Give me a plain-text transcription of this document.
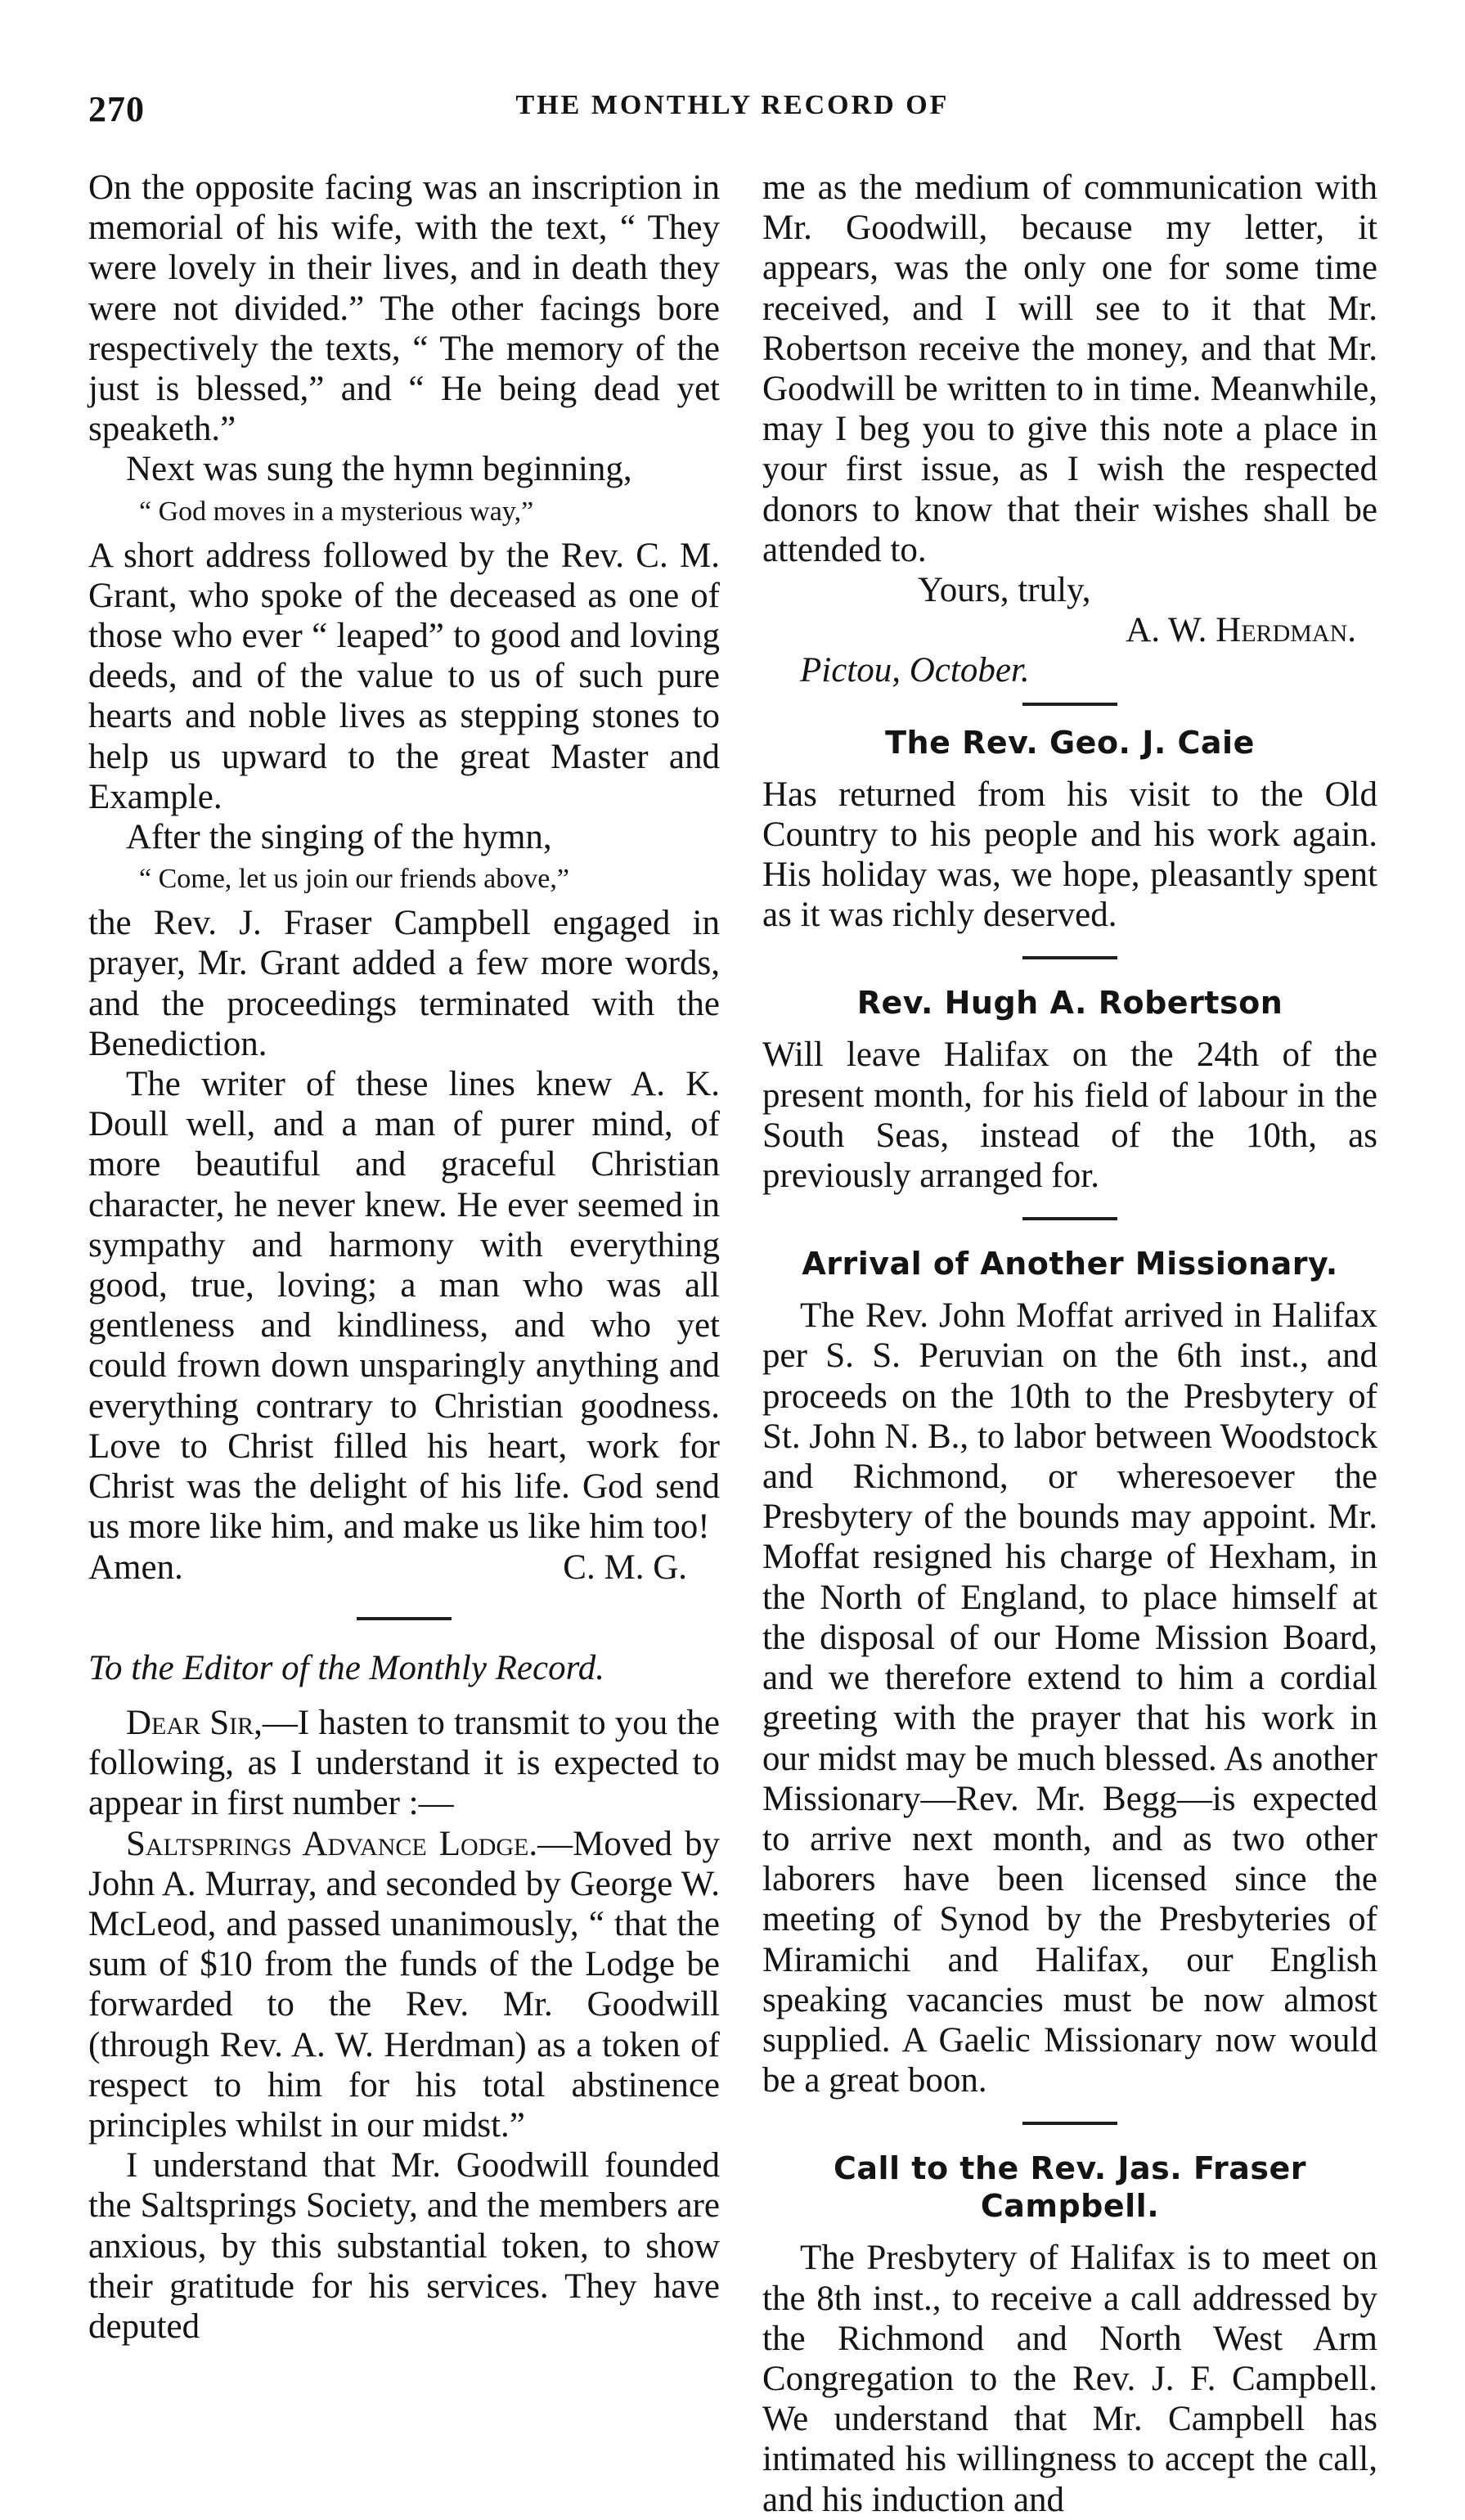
270	THE MONTHLY RECORD OF

On the opposite facing was an inscription in memorial of his wife, with the text, “ They were lovely in their lives, and in death they were not divided.” The other facings bore respectively the texts, “ The memory of the just is blessed,” and “ He being dead yet speaketh.”

Next was sung the hymn beginning,

“ God moves in a mysterious way,”

A short address followed by the Rev. C. M. Grant, who spoke of the deceased as one of those who ever “ leaped” to good and loving deeds, and of the value to us of such pure hearts and noble lives as stepping stones to help us upward to the great Master and Example.

After the singing of the hymn,

“ Come, let us join our friends above,”

the Rev. J. Fraser Campbell engaged in prayer, Mr. Grant added a few more words, and the proceedings terminated with the Benediction.

The writer of these lines knew A. K. Doull well, and a man of purer mind, of more beautiful and graceful Christian character, he never knew. He ever seemed in sympathy and harmony with everything good, true, loving; a man who was all gentleness and kindliness, and who yet could frown down unsparingly anything and everything contrary to Christian goodness. Love to Christ filled his heart, work for Christ was the delight of his life. God send us more like him, and make us like him too!

Amen.	C. M. G.

To the Editor of the Monthly Record.

Dear Sir,—I hasten to transmit to you the following, as I understand it is expected to appear in first number :—

Saltsprings Advance Lodge.—Moved by John A. Murray, and seconded by George W. McLeod, and passed unanimously, “ that the sum of $10 from the funds of the Lodge be forwarded to the Rev. Mr. Goodwill (through Rev. A. W. Herdman) as a token of respect to him for his total abstinence principles whilst in our midst.”

I understand that Mr. Goodwill founded the Saltsprings Society, and the members are anxious, by this substantial token, to show their gratitude for his services. They have deputed

me as the medium of communication with Mr. Goodwill, because my letter, it appears, was the only one for some time received, and I will see to it that Mr. Robertson receive the money, and that Mr. Goodwill be written to in time. Meanwhile, may I beg you to give this note a place in your first issue, as I wish the respected donors to know that their wishes shall be attended to.

Yours, truly,

A. W. Herdman.

Pictou, October.

The Rev. Geo. J. Caie

Has returned from his visit to the Old Country to his people and his work again. His holiday was, we hope, pleasantly spent as it was richly deserved.

Rev. Hugh A. Robertson

Will leave Halifax on the 24th of the present month, for his field of labour in the South Seas, instead of the 10th, as previously arranged for.

Arrival of Another Missionary.

The Rev. John Moffat arrived in Halifax per S. S. Peruvian on the 6th inst., and proceeds on the 10th to the Presbytery of St. John N. B., to labor between Woodstock and Richmond, or wheresoever the Presbytery of the bounds may appoint. Mr. Moffat resigned his charge of Hexham, in the North of England, to place himself at the disposal of our Home Mission Board, and we therefore extend to him a cordial greeting with the prayer that his work in our midst may be much blessed. As another Missionary—Rev. Mr. Begg—is expected to arrive next month, and as two other laborers have been licensed since the meeting of Synod by the Presbyteries of Miramichi and Halifax, our English speaking vacancies must be now almost supplied. A Gaelic Missionary now would be a great boon.

Call to the Rev. Jas. Fraser Campbell.

The Presbytery of Halifax is to meet on the 8th inst., to receive a call addressed by the Richmond and North West Arm Congregation to the Rev. J. F. Campbell. We understand that Mr. Campbell has intimated his willingness to accept the call, and his induction and
